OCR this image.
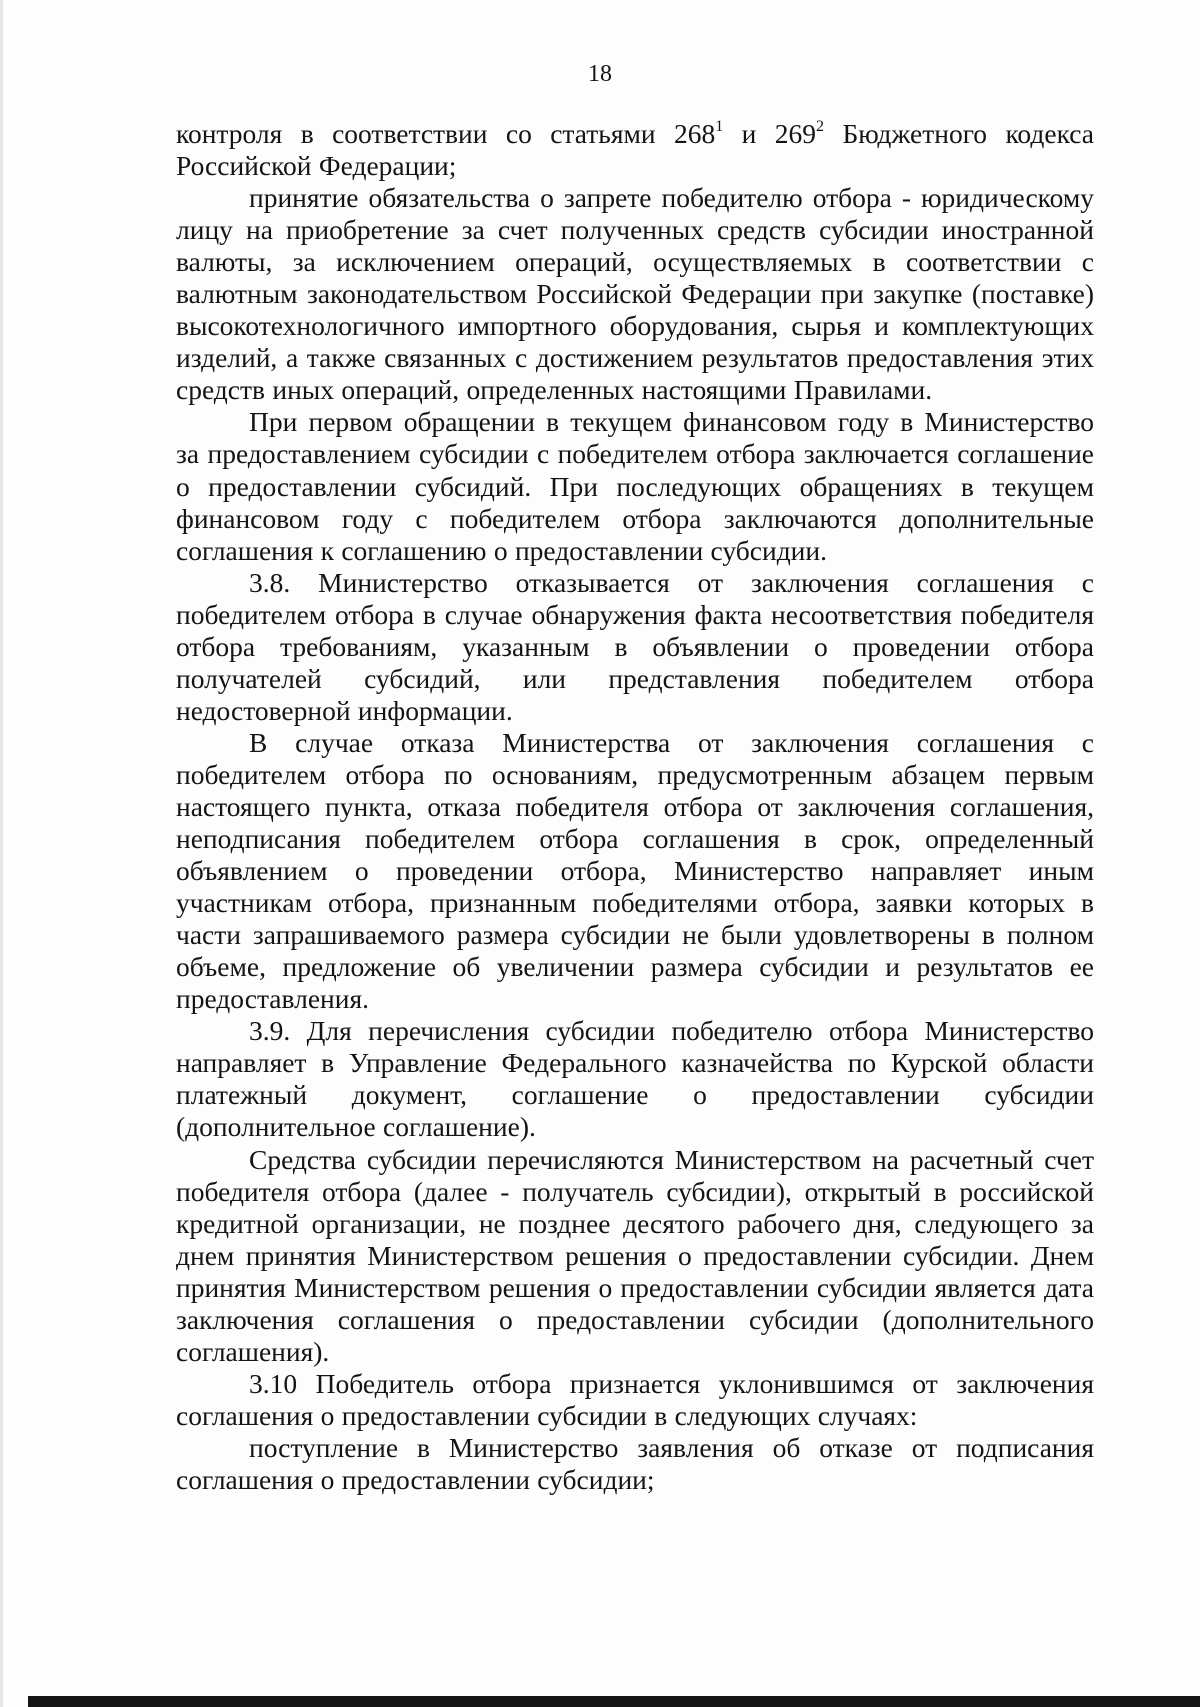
18

контроля в соответствии со статьями $268^1$ и $269^2$ Бюджетного кодекса Российской Федерации;

принятие обязательства о запрете победителю отбора - юридическому лицу на приобретение за счет полученных средств субсидии иностранной валюты, за исключением операций, осуществляемых в соответствии с валютным законодательством Российской Федерации при закупке (поставке) высокотехнологичного импортного оборудования, сырья и комплектующих изделий, а также связанных с достижением результатов предоставления этих средств иных операций, определенных настоящими Правилами.

При первом обращении в текущем финансовом году в Министерство за предоставлением субсидии с победителем отбора заключается соглашение о предоставлении субсидий. При последующих обращениях в текущем финансовом году с победителем отбора заключаются дополнительные соглашения к соглашению о предоставлении субсидии.

3.8. Министерство отказывается от заключения соглашения с победителем отбора в случае обнаружения факта несоответствия победителя отбора требованиям, указанным в объявлении о проведении отбора получателей субсидий, или представления победителем отбора недостоверной информации.

В случае отказа Министерства от заключения соглашения с победителем отбора по основаниям, предусмотренным абзацем первым настоящего пункта, отказа победителя отбора от заключения соглашения, неподписания победителем отбора соглашения в срок, определенный объявлением о проведении отбора, Министерство направляет иным участникам отбора, признанным победителями отбора, заявки которых в части запрашиваемого размера субсидии не были удовлетворены в полном объеме, предложение об увеличении размера субсидии и результатов ее предоставления.

3.9. Для перечисления субсидии победителю отбора Министерство направляет в Управление Федерального казначейства по Курской области платежный документ, соглашение о предоставлении субсидии (дополнительное соглашение).

Средства субсидии перечисляются Министерством на расчетный счет победителя отбора (далее - получатель субсидии), открытый в российской кредитной организации, не позднее десятого рабочего дня, следующего за днем принятия Министерством решения о предоставлении субсидии. Днем принятия Министерством решения о предоставлении субсидии является дата заключения соглашения о предоставлении субсидии (дополнительного соглашения).

3.10 Победитель отбора признается уклонившимся от заключения соглашения о предоставлении субсидии в следующих случаях:

поступление в Министерство заявления об отказе от подписания соглашения о предоставлении субсидии;
